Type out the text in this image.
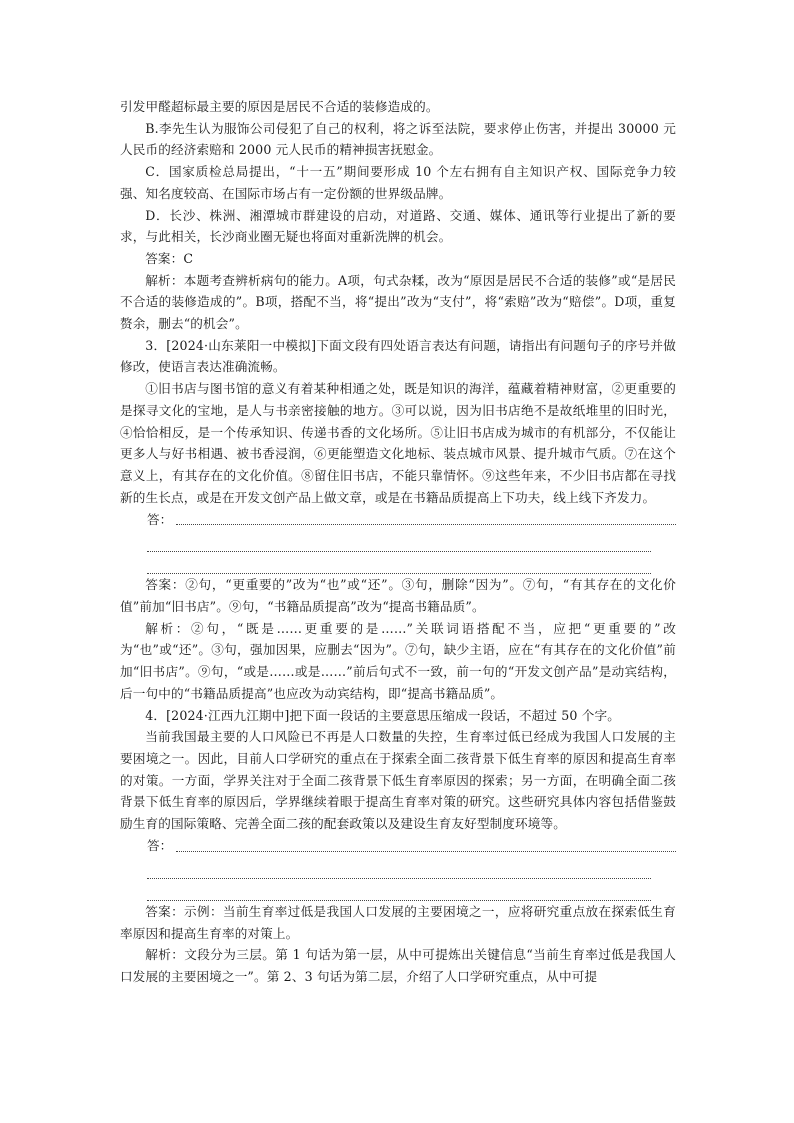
引发甲醛超标最主要的原因是居民不合适的装修造成的。

B.李先生认为服饰公司侵犯了自己的权利，将之诉至法院，要求停止伤害，并提出 30000 元人民币的经济索赔和 2000 元人民币的精神损害抚慰金。

C．国家质检总局提出，“十一五”期间要形成 10 个左右拥有自主知识产权、国际竞争力较强、知名度较高、在国际市场占有一定份额的世界级品牌。

D．长沙、株洲、湘潭城市群建设的启动，对道路、交通、媒体、通讯等行业提出了新的要求，与此相关，长沙商业圈无疑也将面对重新洗牌的机会。

答案：C

解析：本题考查辨析病句的能力。A项，句式杂糅，改为“原因是居民不合适的装修”或“是居民不合适的装修造成的”。B项，搭配不当，将“提出”改为“支付”，将“索赔”改为“赔偿”。D项，重复赘余，删去“的机会”。

3．[2024·山东莱阳一中模拟]下面文段有四处语言表达有问题，请指出有问题句子的序号并做修改，使语言表达准确流畅。

①旧书店与图书馆的意义有着某种相通之处，既是知识的海洋，蕴藏着精神财富，②更重要的是探寻文化的宝地，是人与书亲密接触的地方。③可以说，因为旧书店绝不是故纸堆里的旧时光，④恰恰相反，是一个传承知识、传递书香的文化场所。⑤让旧书店成为城市的有机部分，不仅能让更多人与好书相遇、被书香浸润，⑥更能塑造文化地标、装点城市风景、提升城市气质。⑦在这个意义上，有其存在的文化价值。⑧留住旧书店，不能只靠情怀。⑨这些年来，不少旧书店都在寻找新的生长点，或是在开发文创产品上做文章，或是在书籍品质提高上下功夫，线上线下齐发力。

答：

答案：②句，“更重要的”改为“也”或“还”。③句，删除“因为”。⑦句，“有其存在的文化价值”前加“旧书店”。⑨句，“书籍品质提高”改为“提高书籍品质”。

解析：②句，“既是……更重要的是……”关联词语搭配不当，应把“更重要的”改为“也”或“还”。③句，强加因果，应删去“因为”。⑦句，缺少主语，应在“有其存在的文化价值”前加“旧书店”。⑨句，“或是……或是……”前后句式不一致，前一句的“开发文创产品”是动宾结构，后一句中的“书籍品质提高”也应改为动宾结构，即“提高书籍品质”。

4．[2024·江西九江期中]把下面一段话的主要意思压缩成一段话，不超过 50 个字。

当前我国最主要的人口风险已不再是人口数量的失控，生育率过低已经成为我国人口发展的主要困境之一。因此，目前人口学研究的重点在于探索全面二孩背景下低生育率的原因和提高生育率的对策。一方面，学界关注对于全面二孩背景下低生育率原因的探索；另一方面，在明确全面二孩背景下低生育率的原因后，学界继续着眼于提高生育率对策的研究。这些研究具体内容包括借鉴鼓励生育的国际策略、完善全面二孩的配套政策以及建设生育友好型制度环境等。

答：

答案：示例：当前生育率过低是我国人口发展的主要困境之一，应将研究重点放在探索低生育率原因和提高生育率的对策上。

解析：文段分为三层。第 1 句话为第一层，从中可提炼出关键信息“当前生育率过低是我国人口发展的主要困境之一”。第 2、3 句话为第二层，介绍了人口学研究重点，从中可提
